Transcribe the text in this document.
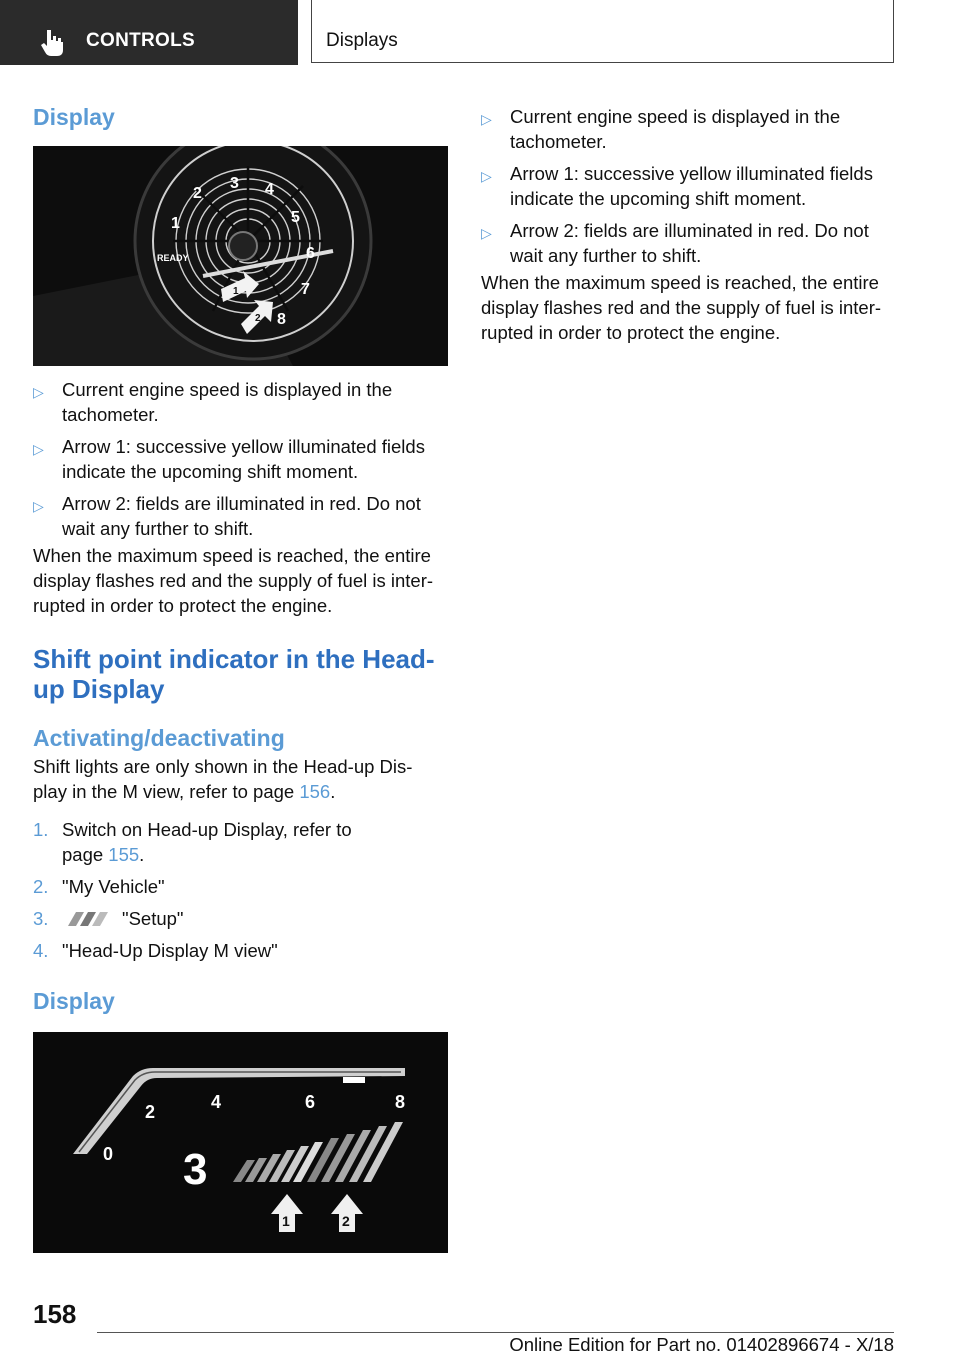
CONTROLS	Displays
Display
1
2
3 4
5
6
7
8
READY
1
2
▷ Current engine speed is displayed in the tachometer.
▷ Arrow 1: successive yellow illuminated fields indicate the upcoming shift moment.
▷ Arrow 2: fields are illuminated in red. Do not wait any further to shift.

When the maximum speed is reached, the entire display flashes red and the supply of fuel is inter-rupted in order to protect the engine.

Shift point indicator in the Head-
up Display
Activating/deactivating

Shift lights are only shown in the Head-up Dis-
play in the M view, refer to page 156.

1. Switch on Head-up Display, refer to
page 155.
2. "My Vehicle"
3.	"Setup"
4. "Head-Up Display M view"
Display
0
2	4	6	8
3
1	2
▷ Current engine speed is displayed in the tachometer.
▷ Arrow 1: successive yellow illuminated fields indicate the upcoming shift moment.
▷ Arrow 2: fields are illuminated in red. Do not wait any further to shift.

When the maximum speed is reached, the entire display flashes red and the supply of fuel is inter-rupted in order to protect the engine.

158
Online Edition for Part no. 01402896674 - X/18
